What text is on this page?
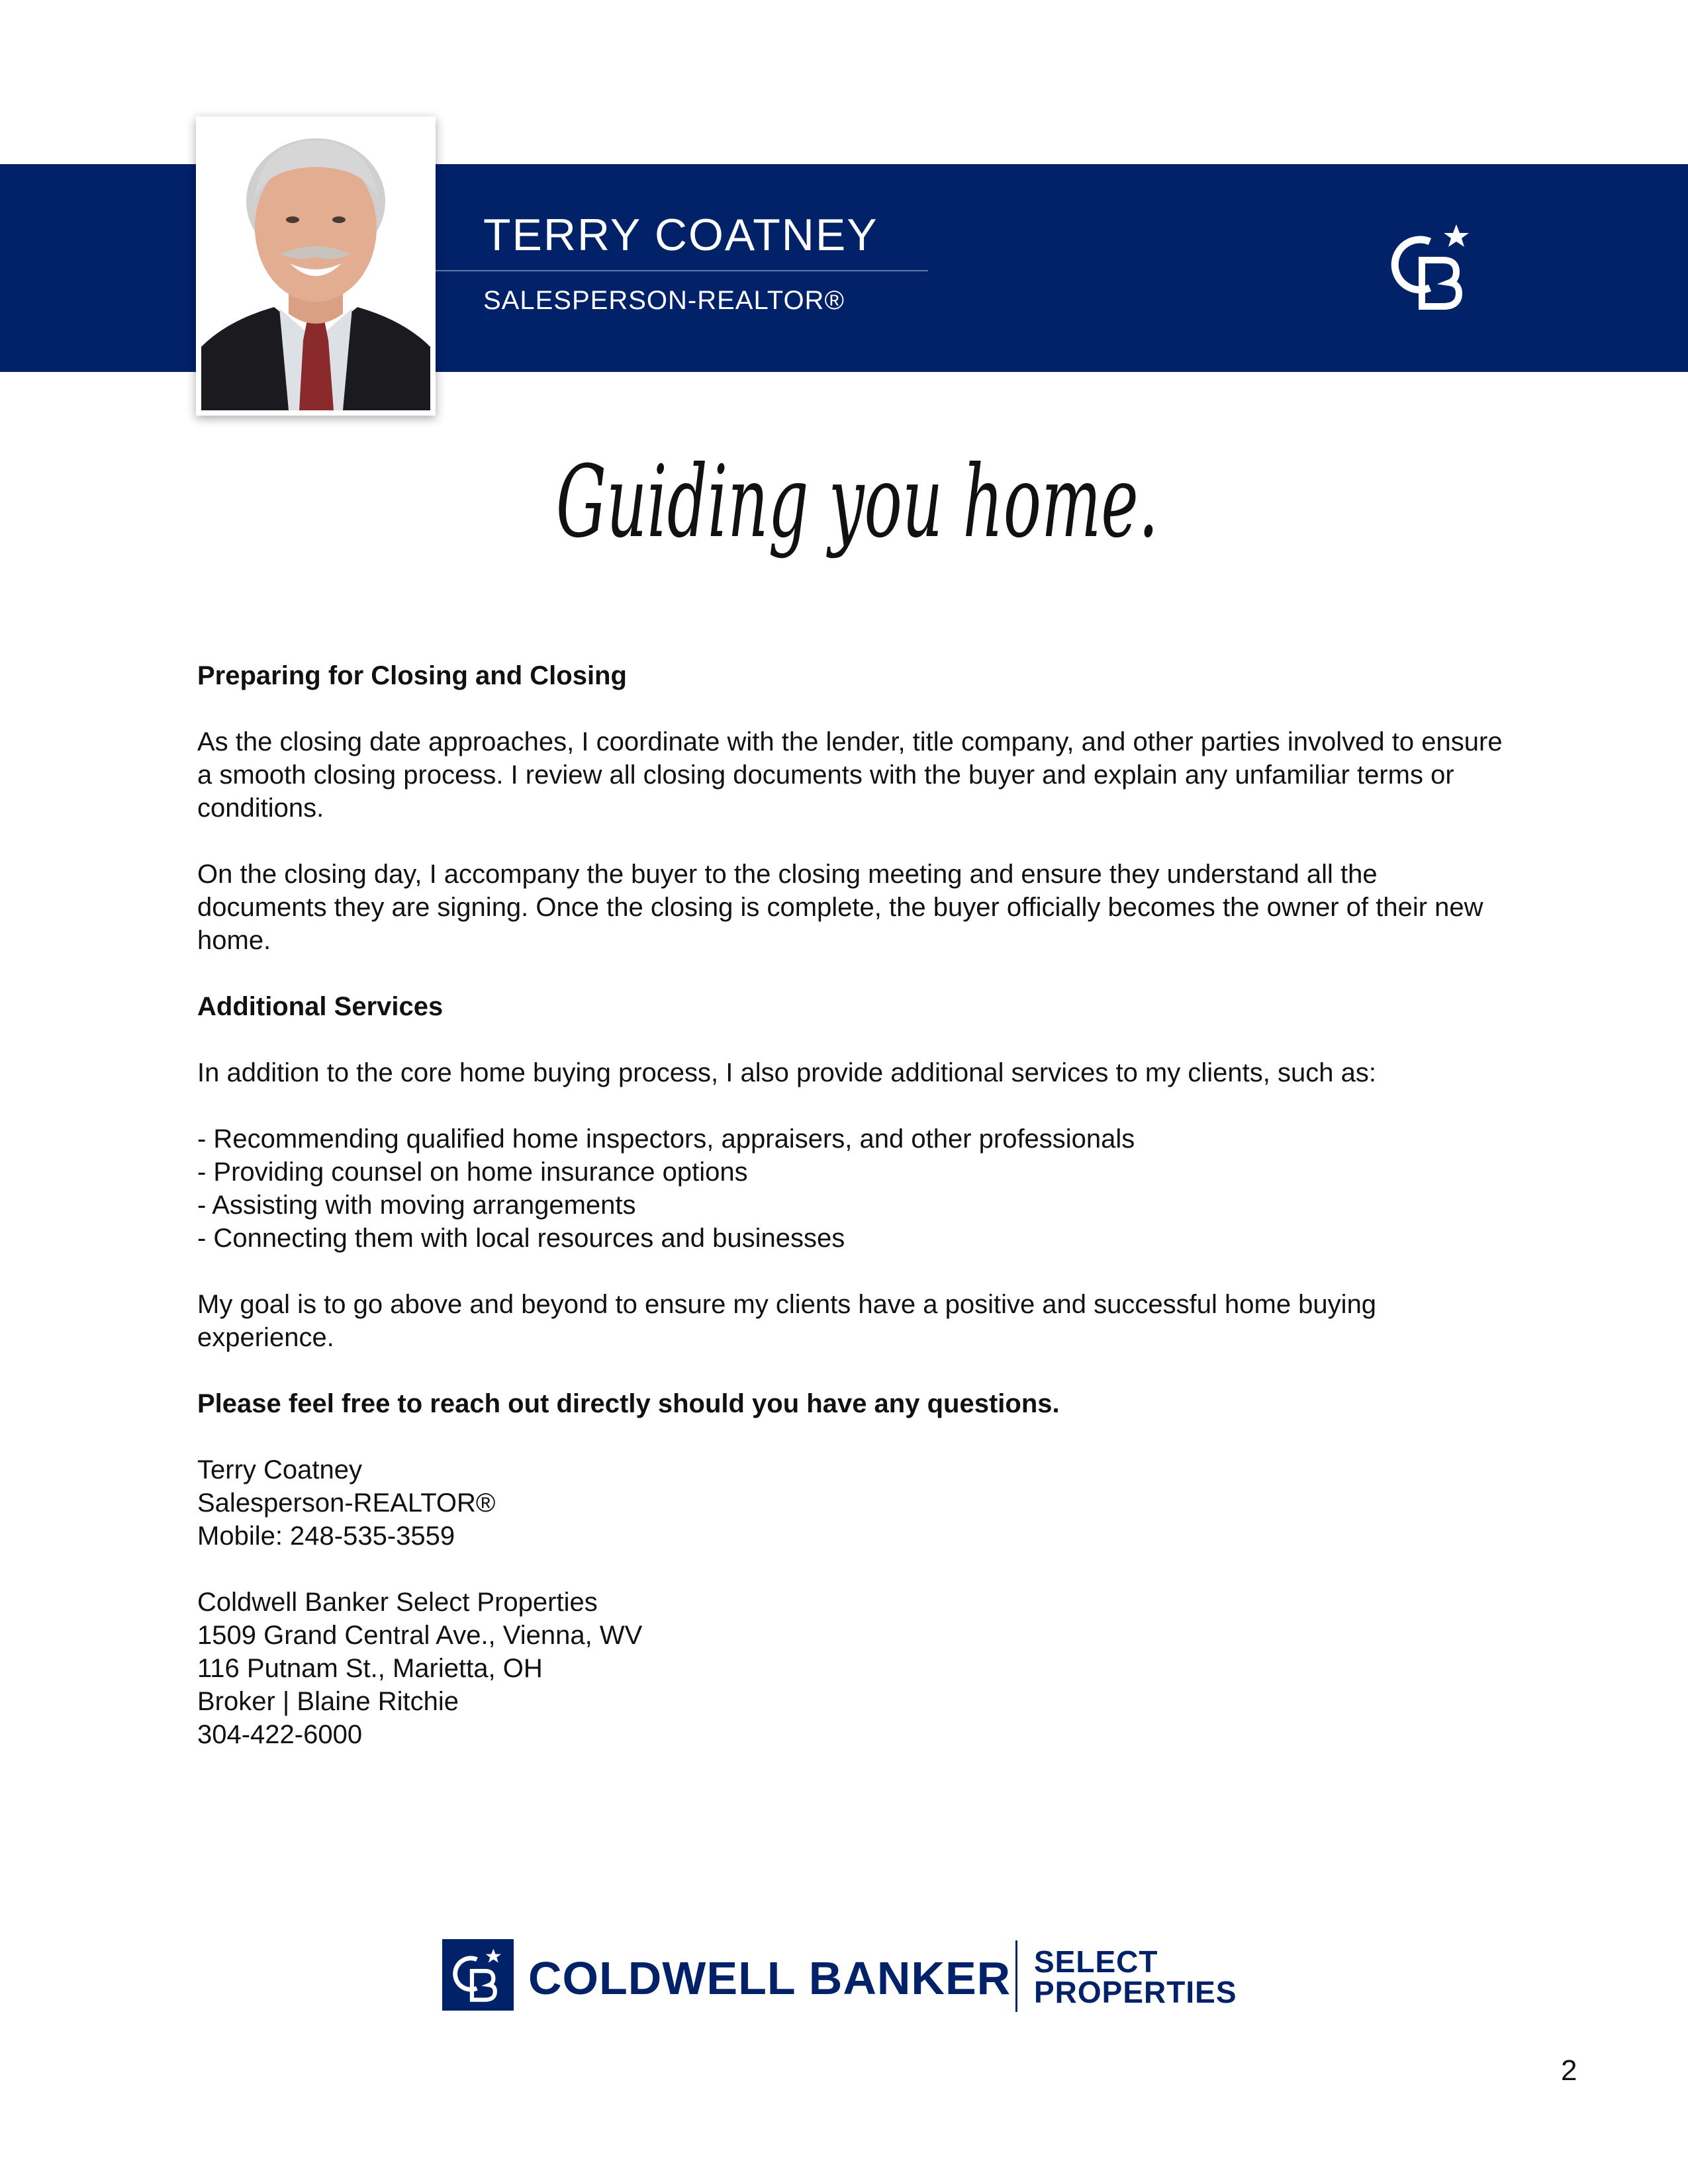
TERRY COATNEY
SALESPERSON-REALTOR®
Guiding you home.

Preparing for Closing and Closing

As the closing date approaches, I coordinate with the lender, title company, and other parties involved to ensure a smooth closing process. I review all closing documents with the buyer and explain any unfamiliar terms or conditions.

On the closing day, I accompany the buyer to the closing meeting and ensure they understand all the documents they are signing. Once the closing is complete, the buyer officially becomes the owner of their new home.

Additional Services

In addition to the core home buying process, I also provide additional services to my clients, such as:

- Recommending qualified home inspectors, appraisers, and other professionals
- Providing counsel on home insurance options
- Assisting with moving arrangements
- Connecting them with local resources and businesses

My goal is to go above and beyond to ensure my clients have a positive and successful home buying experience.

Please feel free to reach out directly should you have any questions.

Terry Coatney
Salesperson-REALTOR®
Mobile: 248-535-3559
Coldwell Banker Select Properties
1509 Grand Central Ave., Vienna, WV
116 Putnam St., Marietta, OH
Broker | Blaine Ritchie
304-422-6000
COLDWELL BANKER SELECT
PROPERTIES
2
